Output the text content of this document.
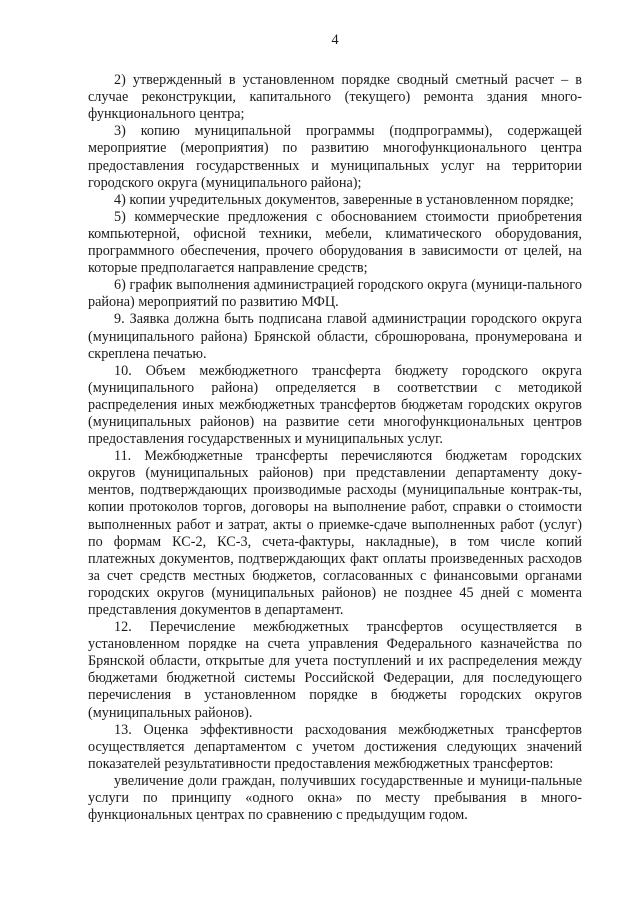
4

2) утвержденный в установленном порядке сводный сметный расчет – в случае реконструкции, капитального (текущего) ремонта здания много-функционального центра;

3) копию муниципальной программы (подпрограммы), содержащей мероприятие (мероприятия) по развитию многофункционального центра предоставления государственных и муниципальных услуг на территории городского округа (муниципального района);

4) копии учредительных документов, заверенные в установленном порядке;

5) коммерческие предложения с обоснованием стоимости приобретения компьютерной, офисной техники, мебели, климатического оборудования, программного обеспечения, прочего оборудования в зависимости от целей, на которые предполагается направление средств;

6) график выполнения администрацией городского округа (муници-пального района) мероприятий по развитию МФЦ.

9. Заявка должна быть подписана главой администрации городского округа (муниципального района) Брянской области, сброшюрована, пронумерована и скреплена печатью.

10. Объем межбюджетного трансферта бюджету городского округа (муниципального района) определяется в соответствии с методикой распределения иных межбюджетных трансфертов бюджетам городских округов (муниципальных районов) на развитие сети многофункциональных центров предоставления государственных и муниципальных услуг.

11. Межбюджетные трансферты перечисляются бюджетам городских округов (муниципальных районов) при представлении департаменту доку-ментов, подтверждающих производимые расходы (муниципальные контрак-ты, копии протоколов торгов, договоры на выполнение работ, справки о стоимости выполненных работ и затрат, акты о приемке-сдаче выполненных работ (услуг) по формам КС-2, КС-3, счета-фактуры, накладные), в том числе копий платежных документов, подтверждающих факт оплаты произведенных расходов за счет средств местных бюджетов, согласованных с финансовыми органами городских округов (муниципальных районов) не позднее 45 дней с момента представления документов в департамент.

12. Перечисление межбюджетных трансфертов осуществляется в установленном порядке на счета управления Федерального казначейства по Брянской области, открытые для учета поступлений и их распределения между бюджетами бюджетной системы Российской Федерации, для последующего перечисления в установленном порядке в бюджеты городских округов (муниципальных районов).

13. Оценка эффективности расходования межбюджетных трансфертов осуществляется департаментом с учетом достижения следующих значений показателей результативности предоставления межбюджетных трансфертов:

увеличение доли граждан, получивших государственные и муници-пальные услуги по принципу «одного окна» по месту пребывания в много-функциональных центрах по сравнению с предыдущим годом.
